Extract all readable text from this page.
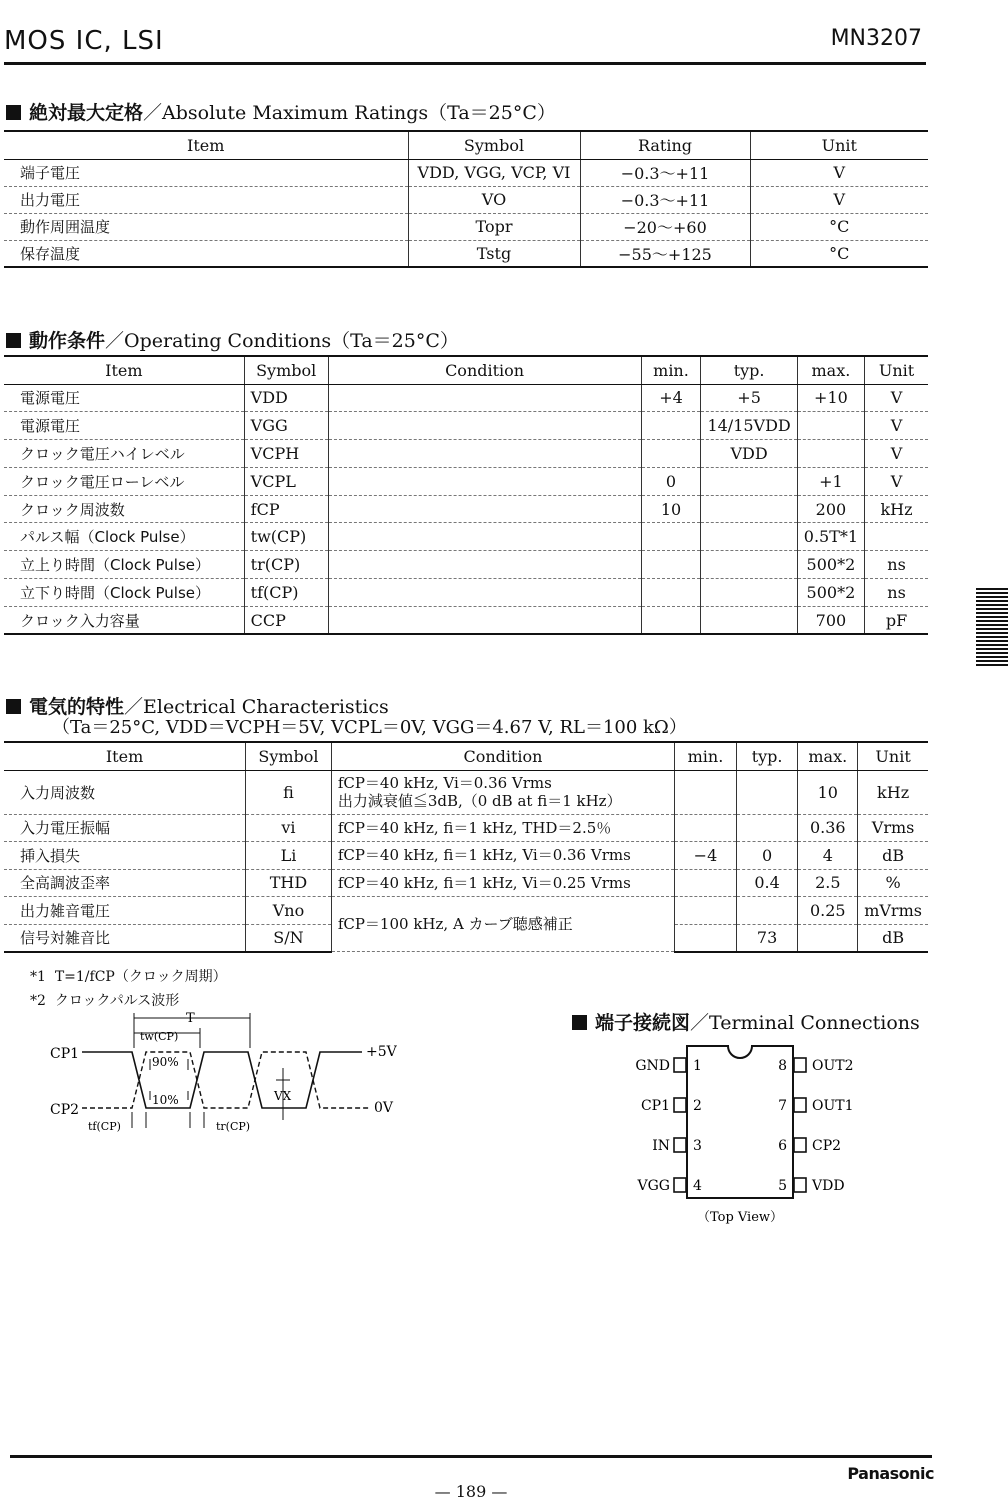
MOS IC, LSI	MN3207
絶対最大定格／Absolute Maximum Ratings（Ta＝25°C）
Item	Symbol	Rating	Unit
端子電圧	VDD, VGG, VCP, VI	−0.3〜+11	V
出力電圧	VO	−0.3〜+11	V
動作周囲温度	Topr	−20〜+60	°C
保存温度	Tstg	−55〜+125	°C
動作条件／Operating Conditions（Ta＝25°C）
Item	Symbol	Condition	min.	typ.	max.	Unit
電源電圧	VDD		+4	+5	+10	V
電源電圧	VGG			14/15VDD		V
クロック電圧ハイレベル	VCPH			VDD		V
クロック電圧ローレベル	VCPL		0		+1	V
クロック周波数	fCP		10		200	kHz
パルス幅（Clock Pulse）	tw(CP)				0.5T*1	
立上り時間（Clock Pulse）	tr(CP)				500*2	ns
立下り時間（Clock Pulse）	tf(CP)				500*2	ns
クロック入力容量	CCP				700	pF
電気的特性／Electrical Characteristics
（Ta＝25°C, VDD＝VCPH＝5V, VCPL＝0V, VGG＝4.67 V, RL＝100 kΩ）
Item	Symbol	Condition	min.	typ.	max.	Unit
入力周波数	fi	fCP＝40 kHz, Vi＝0.36 Vrms
出力減衰値≦3dB,（0 dB at fi＝1 kHz）			10	kHz
入力電圧振幅	vi	fCP＝40 kHz, fi＝1 kHz, THD＝2.5％			0.36	Vrms
挿入損失	Li	fCP＝40 kHz, fi＝1 kHz, Vi＝0.36 Vrms	−4	0	4	dB
全高調波歪率	THD	fCP＝40 kHz, fi＝1 kHz, Vi＝0.25 Vrms		0.4	2.5	%
出力雑音電圧	Vno	fCP＝100 kHz, A カーブ聴感補正			0.25	mVrms
信号対雑音比	S/N			73		dB
*1 T=1/fCP（クロック周期）
*2 クロックパルス波形
T
tw(CP)
90%
10%
CP1
CP2
+5V
0V
VX
tf(CP)	tr(CP)
端子接続図／Terminal Connections
GND
CP1
IN
VGG
1
2
3
4
8
7
6
5
OUT2
OUT1
CP2
VDD
（Top View）
— 189 —
Panasonic
